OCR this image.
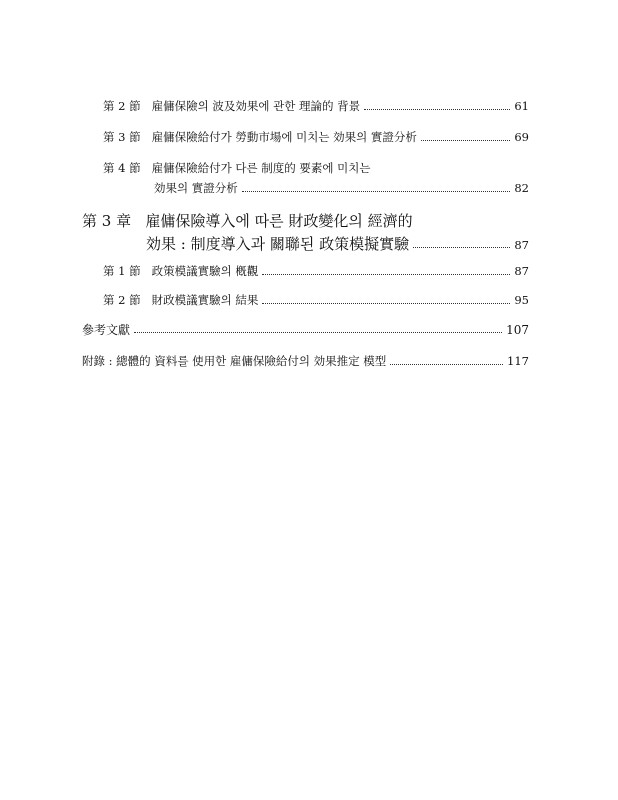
第 2 節 雇傭保險의 波及効果에 관한 理論的 背景	61
第 3 節 雇傭保險給付가 勞動市場에 미치는 効果의 實證分析	69
第 4 節 雇傭保險給付가 다른 制度的 要素에 미치는
効果의 實證分析	82
第 3 章 雇傭保險導入에 따른 財政變化의 經濟的
効果 : 制度導入과 關聯된 政策模擬實驗	87
第 1 節 政策模議實驗의 槪觀	87
第 2 節 財政模議實驗의 結果	95
參考文獻	107
附錄 : 總體的 資料를 使用한 雇傭保險給付의 効果推定 模型	117
